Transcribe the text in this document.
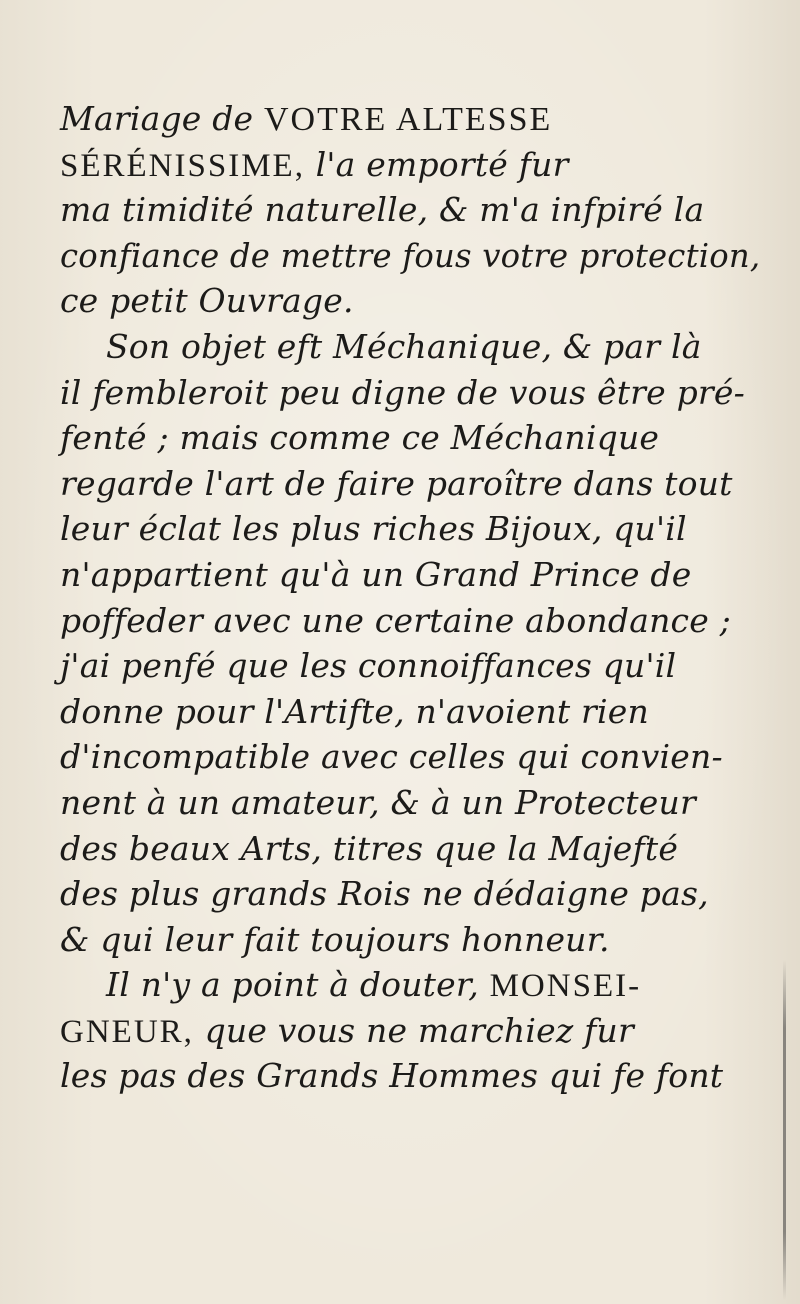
Mariage de VOTRE ALTESSE
SÉRÉNISSIME, l'a emporté fur
ma timidité naturelle, & m'a infpiré la
confiance de mettre fous votre protection,
ce petit Ouvrage.
Son objet eft Méchanique, & par là
il fembleroit peu digne de vous être pré-
fenté ; mais comme ce Méchanique
regarde l'art de faire paroître dans tout
leur éclat les plus riches Bijoux, qu'il
n'appartient qu'à un Grand Prince de
poffeder avec une certaine abondance ;
j'ai penfé que les connoiffances qu'il
donne pour l'Artifte, n'avoient rien
d'incompatible avec celles qui convien-
nent à un amateur, & à un Protecteur
des beaux Arts, titres que la Majefté
des plus grands Rois ne dédaigne pas,
& qui leur fait toujours honneur.
Il n'y a point à douter, MONSEI-
GNEUR, que vous ne marchiez fur
les pas des Grands Hommes qui fe font
